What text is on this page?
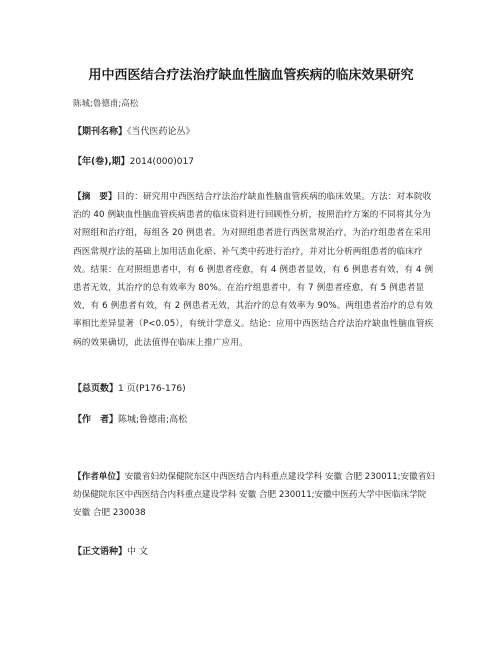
用中西医结合疗法治疗缺血性脑血管疾病的临床效果研究
陈城;鲁德甫;高松
【期刊名称】《当代医药论丛》
【年(卷),期】2014(000)017
【摘　要】目的：研究用中西医结合疗法治疗缺血性脑血管疾病的临床效果。方法：对本院收治的 40 例缺血性脑血管疾病患者的临床资料进行回顾性分析，按照治疗方案的不同将其分为对照组和治疗组，每组各 20 例患者。为对照组患者进行西医常规治疗，为治疗组患者在采用西医常规疗法的基础上加用活血化瘀、补气类中药进行治疗，并对比分析两组患者的临床疗效。结果：在对照组患者中，有 6 例患者痊愈，有 4 例患者显效，有 6 例患者有效，有 4 例患者无效，其治疗的总有效率为 80%。在治疗组患者中，有 7 例患者痊愈，有 5 例患者显效，有 6 例患者有效，有 2 例患者无效，其治疗的总有效率为 90%。两组患者治疗的总有效率相比差异显著（P<0.05），有统计学意义。结论：应用中西医结合疗法治疗缺血性脑血管疾病的效果确切，此法值得在临床上推广应用。
【总页数】1 页(P176-176)
【作　者】陈城;鲁德甫;高松
【作者单位】安徽省妇幼保健院东区中西医结合内科重点建设学科 安徽 合肥 230011;安徽省妇幼保健院东区中西医结合内科重点建设学科 安徽 合肥 230011;安徽中医药大学中医临床学院 安徽 合肥 230038
【正文语种】中 文
